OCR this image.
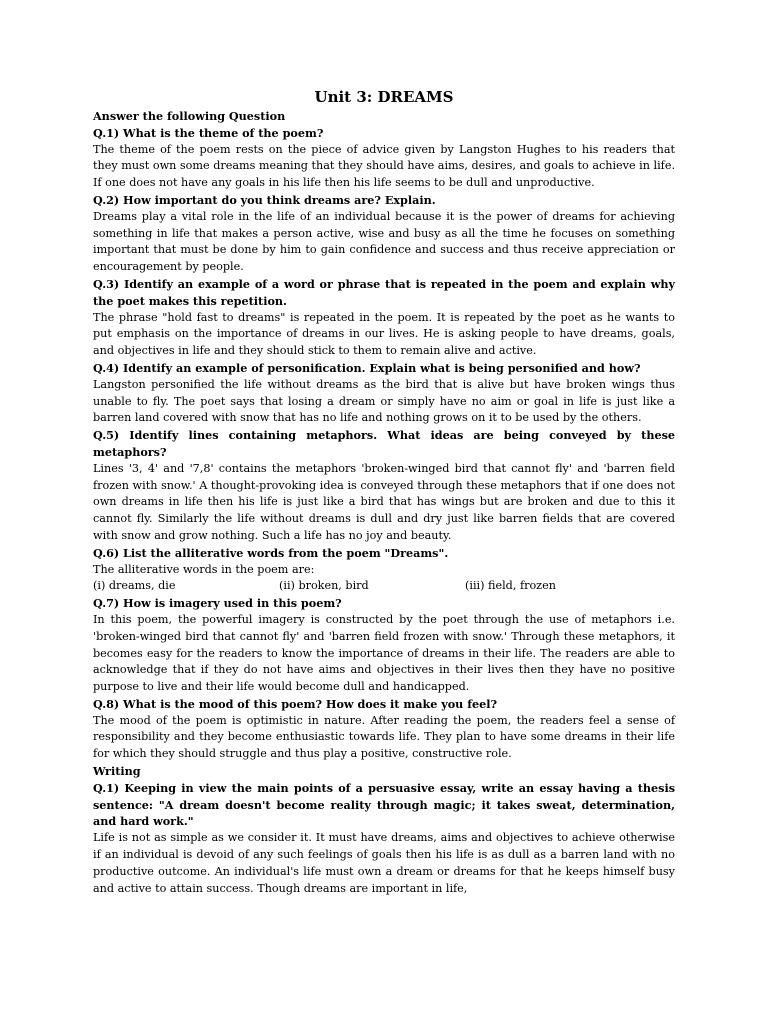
Unit 3: DREAMS
Answer the following Question
Q.1) What is the theme of the poem?
The theme of the poem rests on the piece of advice given by Langston Hughes to his readers that they must own some dreams meaning that they should have aims, desires, and goals to achieve in life. If one does not have any goals in his life then his life seems to be dull and unproductive.
Q.2) How important do you think dreams are? Explain.
Dreams play a vital role in the life of an individual because it is the power of dreams for achieving something in life that makes a person active, wise and busy as all the time he focuses on something important that must be done by him to gain confidence and success and thus receive appreciation or encouragement by people.
Q.3) Identify an example of a word or phrase that is repeated in the poem and explain why the poet makes this repetition.
The phrase "hold fast to dreams" is repeated in the poem. It is repeated by the poet as he wants to put emphasis on the importance of dreams in our lives. He is asking people to have dreams, goals, and objectives in life and they should stick to them to remain alive and active.
Q.4) Identify an example of personification. Explain what is being personified and how?
Langston personified the life without dreams as the bird that is alive but have broken wings thus unable to fly. The poet says that losing a dream or simply have no aim or goal in life is just like a barren land covered with snow that has no life and nothing grows on it to be used by the others.
Q.5) Identify lines containing metaphors. What ideas are being conveyed by these metaphors?
Lines '3, 4' and '7,8' contains the metaphors 'broken-winged bird that cannot fly' and 'barren field frozen with snow.' A thought-provoking idea is conveyed through these metaphors that if one does not own dreams in life then his life is just like a bird that has wings but are broken and due to this it cannot fly. Similarly the life without dreams is dull and dry just like barren fields that are covered with snow and grow nothing. Such a life has no joy and beauty.
Q.6) List the alliterative words from the poem "Dreams".
The alliterative words in the poem are:
(i) dreams, die	(ii) broken, bird	(iii) field, frozen
Q.7) How is imagery used in this poem?
In this poem, the powerful imagery is constructed by the poet through the use of metaphors i.e. 'broken-winged bird that cannot fly' and 'barren field frozen with snow.' Through these metaphors, it becomes easy for the readers to know the importance of dreams in their life. The readers are able to acknowledge that if they do not have aims and objectives in their lives then they have no positive purpose to live and their life would become dull and handicapped.
Q.8) What is the mood of this poem? How does it make you feel?
The mood of the poem is optimistic in nature. After reading the poem, the readers feel a sense of responsibility and they become enthusiastic towards life. They plan to have some dreams in their life for which they should struggle and thus play a positive, constructive role.
Writing
Q.1) Keeping in view the main points of a persuasive essay, write an essay having a thesis sentence: "A dream doesn't become reality through magic; it takes sweat, determination, and hard work."
Life is not as simple as we consider it. It must have dreams, aims and objectives to achieve otherwise if an individual is devoid of any such feelings of goals then his life is as dull as a barren land with no productive outcome. An individual's life must own a dream or dreams for that he keeps himself busy and active to attain success. Though dreams are important in life,
